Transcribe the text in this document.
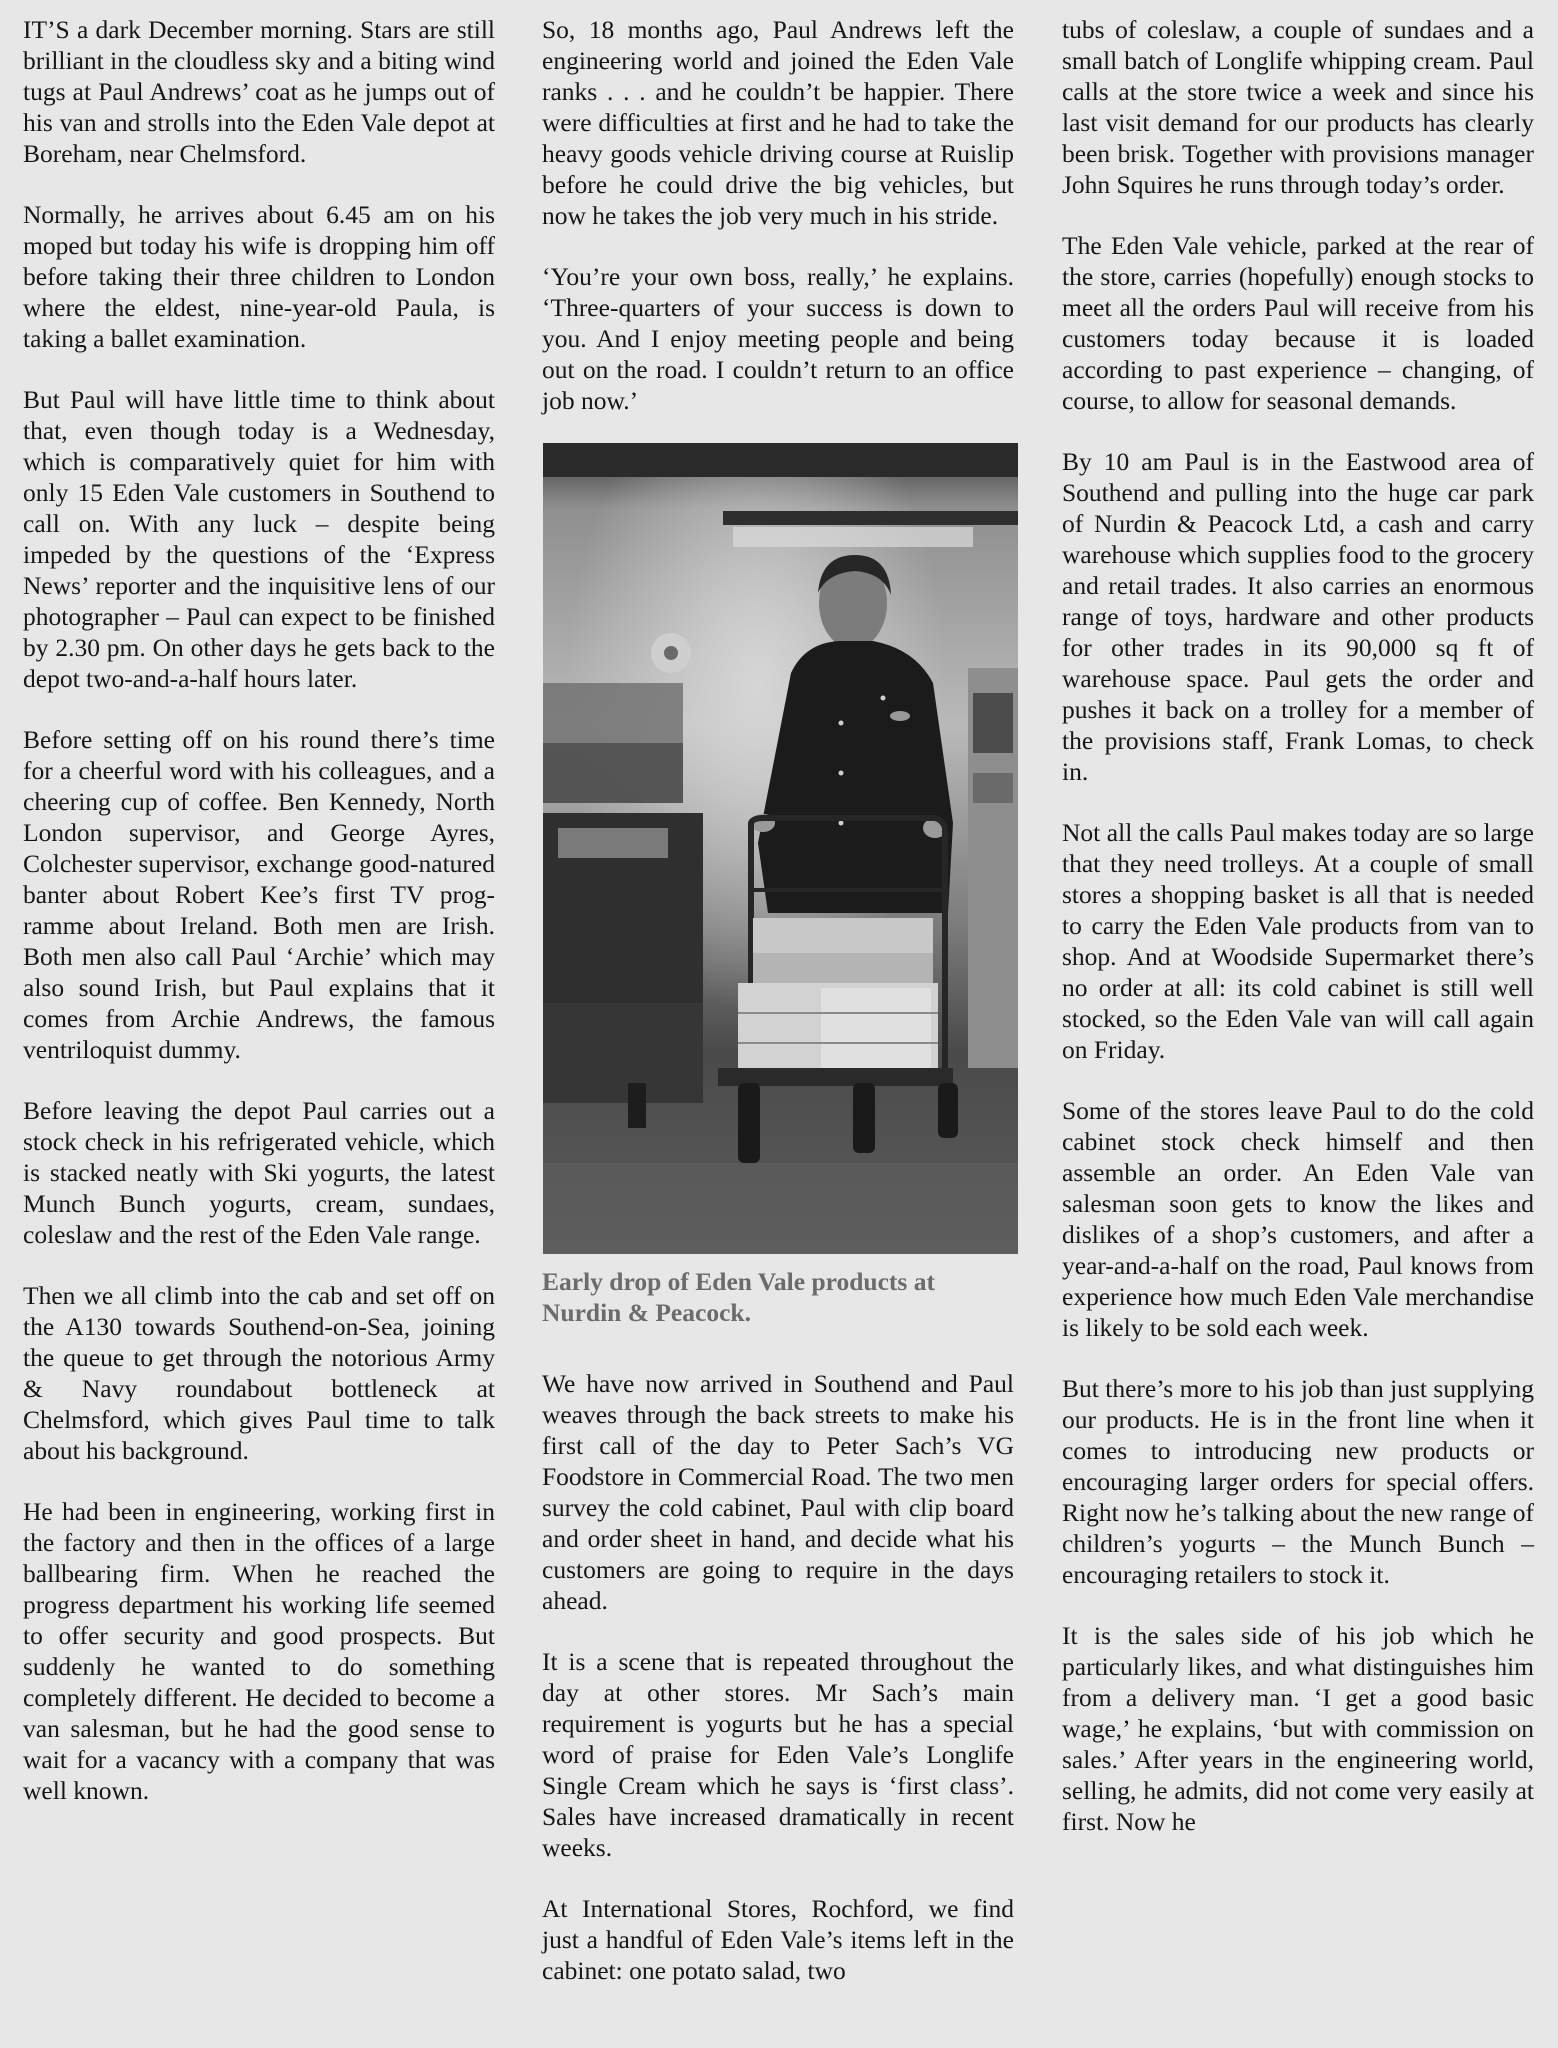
IT’S a dark December morning. Stars are still brilliant in the cloudless sky and a biting wind tugs at Paul Andrews’ coat as he jumps out of his van and strolls into the Eden Vale depot at Boreham, near Chelmsford.

Normally, he arrives about 6.45 am on his moped but today his wife is dropping him off before taking their three children to London where the eldest, nine-year-old Paula, is taking a ballet examination.

But Paul will have little time to think about that, even though today is a Wednesday, which is comparatively quiet for him with only 15 Eden Vale customers in Southend to call on. With any luck – despite being impeded by the questions of the ‘Express News’ reporter and the inquisitive lens of our photographer – Paul can expect to be finished by 2.30 pm. On other days he gets back to the depot two-and-a-half hours later.

Before setting off on his round there’s time for a cheerful word with his colleagues, and a cheering cup of coffee. Ben Kennedy, North London supervisor, and George Ayres, Colchester supervisor, exchange good-natured banter about Robert Kee’s first TV programme about Ireland. Both men are Irish. Both men also call Paul ‘Archie’ which may also sound Irish, but Paul explains that it comes from Archie Andrews, the famous ventriloquist dummy.

Before leaving the depot Paul carries out a stock check in his refrigerated vehicle, which is stacked neatly with Ski yogurts, the latest Munch Bunch yogurts, cream, sundaes, coleslaw and the rest of the Eden Vale range.

Then we all climb into the cab and set off on the A130 towards Southend-on-Sea, joining the queue to get through the notorious Army & Navy roundabout bottleneck at Chelmsford, which gives Paul time to talk about his background.

He had been in engineering, working first in the factory and then in the offices of a large ballbearing firm. When he reached the progress department his working life seemed to offer security and good prospects. But suddenly he wanted to do something completely different. He decided to become a van salesman, but he had the good sense to wait for a vacancy with a company that was well known.

So, 18 months ago, Paul Andrews left the engineering world and joined the Eden Vale ranks . . . and he couldn’t be happier. There were difficulties at first and he had to take the heavy goods vehicle driving course at Ruislip before he could drive the big vehicles, but now he takes the job very much in his stride.

‘You’re your own boss, really,’ he explains. ‘Three-quarters of your success is down to you. And I enjoy meeting people and being out on the road. I couldn’t return to an office job now.’

Early drop of Eden Vale products at Nurdin & Peacock.

We have now arrived in Southend and Paul weaves through the back streets to make his first call of the day to Peter Sach’s VG Foodstore in Commercial Road. The two men survey the cold cabinet, Paul with clip board and order sheet in hand, and decide what his customers are going to require in the days ahead.

It is a scene that is repeated throughout the day at other stores. Mr Sach’s main requirement is yogurts but he has a special word of praise for Eden Vale’s Longlife Single Cream which he says is ‘first class’. Sales have increased dramatically in recent weeks.

At International Stores, Rochford, we find just a handful of Eden Vale’s items left in the cabinet: one potato salad, two

tubs of coleslaw, a couple of sundaes and a small batch of Longlife whipping cream. Paul calls at the store twice a week and since his last visit demand for our products has clearly been brisk. Together with provisions manager John Squires he runs through today’s order.

The Eden Vale vehicle, parked at the rear of the store, carries (hopefully) enough stocks to meet all the orders Paul will receive from his customers today because it is loaded according to past experience – changing, of course, to allow for seasonal demands.

By 10 am Paul is in the Eastwood area of Southend and pulling into the huge car park of Nurdin & Peacock Ltd, a cash and carry warehouse which supplies food to the grocery and retail trades. It also carries an enormous range of toys, hardware and other products for other trades in its 90,000 sq ft of warehouse space. Paul gets the order and pushes it back on a trolley for a member of the provisions staff, Frank Lomas, to check in.

Not all the calls Paul makes today are so large that they need trolleys. At a couple of small stores a shopping basket is all that is needed to carry the Eden Vale products from van to shop. And at Woodside Supermarket there’s no order at all: its cold cabinet is still well stocked, so the Eden Vale van will call again on Friday.

Some of the stores leave Paul to do the cold cabinet stock check himself and then assemble an order. An Eden Vale van salesman soon gets to know the likes and dislikes of a shop’s customers, and after a year-and-a-half on the road, Paul knows from experience how much Eden Vale merchandise is likely to be sold each week.

But there’s more to his job than just supplying our products. He is in the front line when it comes to introducing new products or encouraging larger orders for special offers. Right now he’s talking about the new range of children’s yogurts – the Munch Bunch – encouraging retailers to stock it.

It is the sales side of his job which he particularly likes, and what distinguishes him from a delivery man. ‘I get a good basic wage,’ he explains, ‘but with commission on sales.’ After years in the engineering world, selling, he admits, did not come very easily at first. Now he
